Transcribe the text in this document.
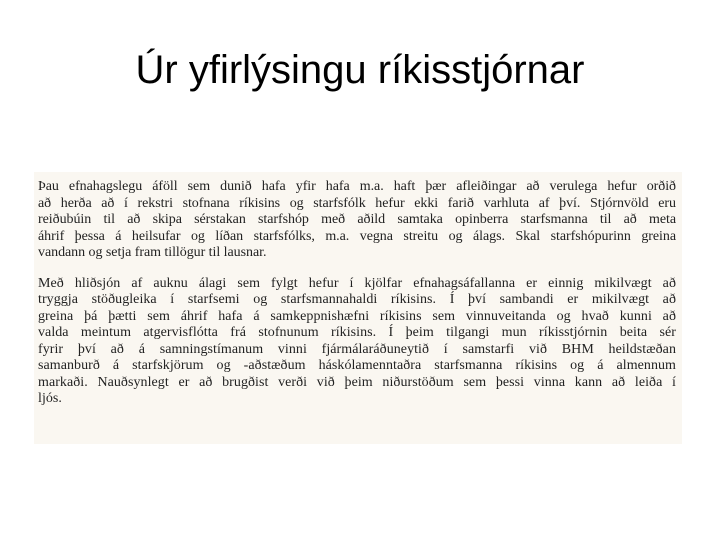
Úr yfirlýsingu ríkisstjórnar
Þau efnahagslegu áföll sem dunið hafa yfir hafa m.a. haft þær afleiðingar að verulega hefur orðið
að herða að í rekstri stofnana ríkisins og starfsfólk hefur ekki farið varhluta af því. Stjórnvöld eru
reiðubúin til að skipa sérstakan starfshóp með aðild samtaka opinberra starfsmanna til að meta
áhrif þessa á heilsufar og líðan starfsfólks, m.a. vegna streitu og álags. Skal starfshópurinn greina
vandann og setja fram tillögur til lausnar.
Með hliðsjón af auknu álagi sem fylgt hefur í kjölfar efnahagsáfallanna er einnig mikilvægt að
tryggja stöðugleika í starfsemi og starfsmannahaldi ríkisins. Í því sambandi er mikilvægt að
greina þá þætti sem áhrif hafa á samkeppnishæfni ríkisins sem vinnuveitanda og hvað kunni að
valda meintum atgervisflótta frá stofnunum ríkisins. Í þeim tilgangi mun ríkisstjórnin beita sér
fyrir því að á samningstímanum vinni fjármálaráðuneytið í samstarfi við BHM heildstæðan
samanburð á starfskjörum og -aðstæðum háskólamenntaðra starfsmanna ríkisins og á almennum
markaði. Nauðsynlegt er að brugðist verði við þeim niðurstöðum sem þessi vinna kann að leiða í
ljós.
